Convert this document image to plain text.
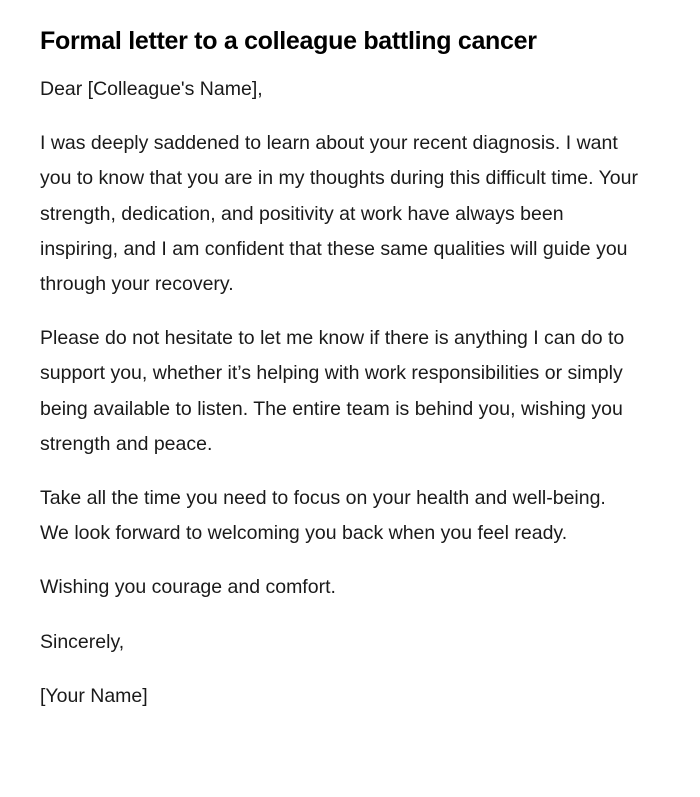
Formal letter to a colleague battling cancer

Dear [Colleague's Name],

I was deeply saddened to learn about your recent diagnosis. I want you to know that you are in my thoughts during this difficult time. Your strength, dedication, and positivity at work have always been inspiring, and I am confident that these same qualities will guide you through your recovery.

Please do not hesitate to let me know if there is anything I can do to support you, whether it’s helping with work responsibilities or simply being available to listen. The entire team is behind you, wishing you strength and peace.

Take all the time you need to focus on your health and well-being. We look forward to welcoming you back when you feel ready.

Wishing you courage and comfort.

Sincerely,

[Your Name]
